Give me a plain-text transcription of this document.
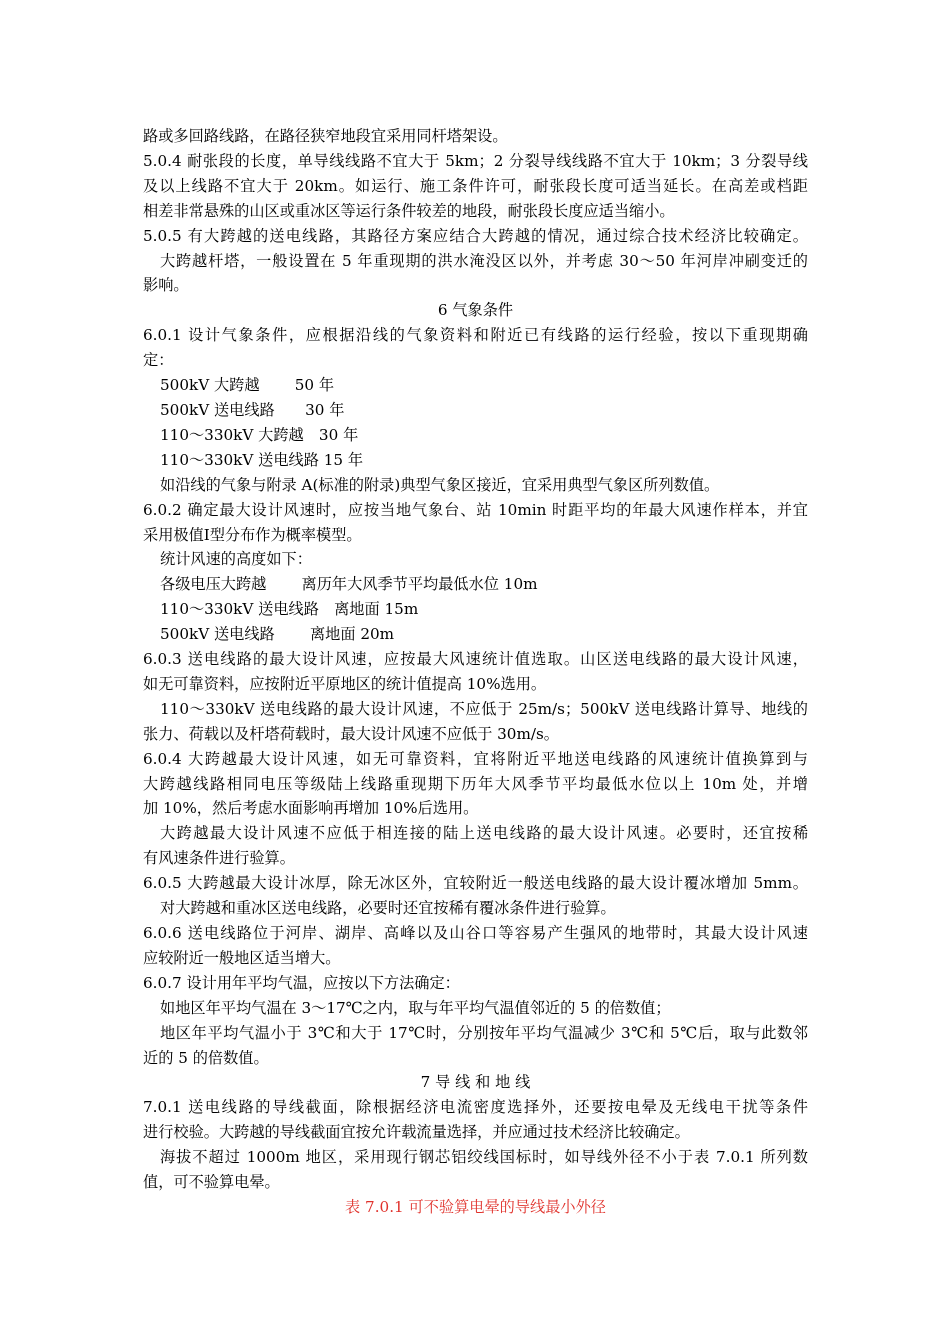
路或多回路线路，在路径狭窄地段宜采用同杆塔架设。
5.0.4 耐张段的长度，单导线线路不宜大于 5km；2 分裂导线线路不宜大于 10km；3 分裂导线
及以上线路不宜大于 20km。如运行、施工条件许可，耐张段长度可适当延长。在高差或档距
相差非常悬殊的山区或重冰区等运行条件较差的地段，耐张段长度应适当缩小。
5.0.5 有大跨越的送电线路，其路径方案应结合大跨越的情况，通过综合技术经济比较确定。
大跨越杆塔，一般设置在 5 年重现期的洪水淹没区以外，并考虑 30～50 年河岸冲刷变迁的
影响。
6 气象条件
6.0.1 设计气象条件，应根据沿线的气象资料和附近已有线路的运行经验，按以下重现期确
定：
500kV 大跨越　　 50 年
500kV 送电线路　　30 年
110～330kV 大跨越　30 年
110～330kV 送电线路 15 年
如沿线的气象与附录 A(标准的附录)典型气象区接近，宜采用典型气象区所列数值。
6.0.2 确定最大设计风速时，应按当地气象台、站 10min 时距平均的年最大风速作样本，并宜
采用极值Ⅰ型分布作为概率模型。
统计风速的高度如下：
各级电压大跨越　　 离历年大风季节平均最低水位 10m
110～330kV 送电线路　离地面 15m
500kV 送电线路　　 离地面 20m
6.0.3 送电线路的最大设计风速，应按最大风速统计值选取。山区送电线路的最大设计风速，
如无可靠资料，应按附近平原地区的统计值提高 10%选用。
110～330kV 送电线路的最大设计风速，不应低于 25m/s；500kV 送电线路计算导、地线的
张力、荷载以及杆塔荷载时，最大设计风速不应低于 30m/s。
6.0.4 大跨越最大设计风速，如无可靠资料，宜将附近平地送电线路的风速统计值换算到与
大跨越线路相同电压等级陆上线路重现期下历年大风季节平均最低水位以上 10m 处，并增
加 10%，然后考虑水面影响再增加 10%后选用。
大跨越最大设计风速不应低于相连接的陆上送电线路的最大设计风速。必要时，还宜按稀
有风速条件进行验算。
6.0.5 大跨越最大设计冰厚，除无冰区外，宜较附近一般送电线路的最大设计覆冰增加 5mm。
对大跨越和重冰区送电线路，必要时还宜按稀有覆冰条件进行验算。
6.0.6 送电线路位于河岸、湖岸、高峰以及山谷口等容易产生强风的地带时，其最大设计风速
应较附近一般地区适当增大。
6.0.7 设计用年平均气温，应按以下方法确定：
如地区年平均气温在 3～17℃之内，取与年平均气温值邻近的 5 的倍数值；
地区年平均气温小于 3℃和大于 17℃时，分别按年平均气温减少 3℃和 5℃后，取与此数邻
近的 5 的倍数值。
7 导 线 和 地 线
7.0.1 送电线路的导线截面，除根据经济电流密度选择外，还要按电晕及无线电干扰等条件
进行校验。大跨越的导线截面宜按允许载流量选择，并应通过技术经济比较确定。
海拔不超过 1000m 地区，采用现行钢芯铝绞线国标时，如导线外径不小于表 7.0.1 所列数
值，可不验算电晕。
表 7.0.1 可不验算电晕的导线最小外径
